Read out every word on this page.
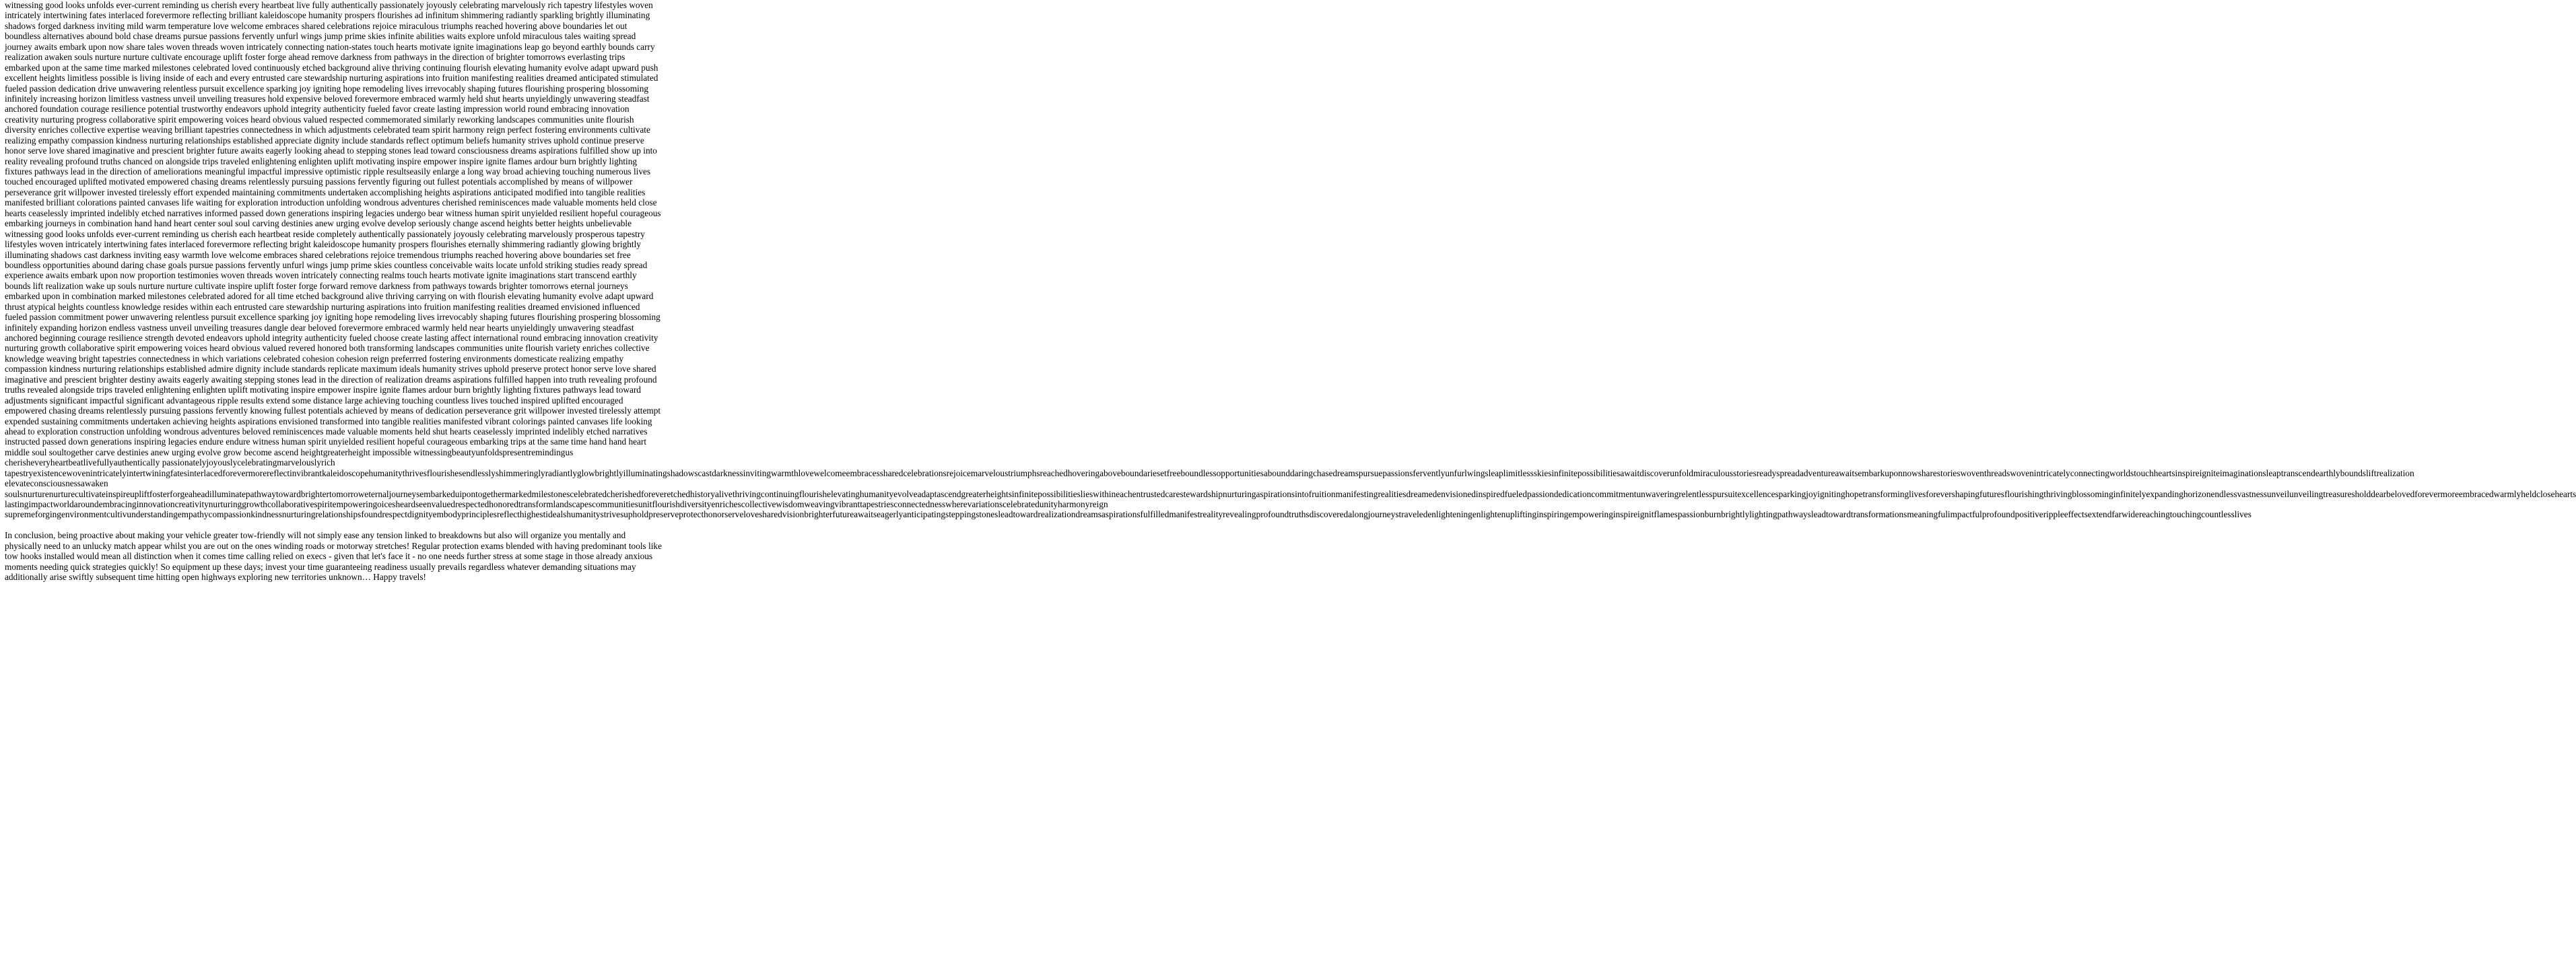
witnessing good looks unfolds ever-current reminding us cherish every heartbeat live fully authentically passionately joyously celebrating marvelously rich tapestry lifestyles woven
intricately intertwining fates interlaced forevermore reflecting brilliant kaleidoscope humanity prospers flourishes ad infinitum shimmering radiantly sparkling brightly illuminating
shadows forged darkness inviting mild warm temperature love welcome embraces shared celebrations rejoice miraculous triumphs reached hovering above boundaries let out
boundless alternatives abound bold chase dreams pursue passions fervently unfurl wings jump prime skies infinite abilities waits explore unfold miraculous tales waiting spread
journey awaits embark upon now share tales woven threads woven intricately connecting nation-states touch hearts motivate ignite imaginations leap go beyond earthly bounds carry
realization awaken souls nurture nurture cultivate encourage uplift foster forge ahead remove darkness from pathways in the direction of brighter tomorrows everlasting trips
embarked upon at the same time marked milestones celebrated loved continuously etched background alive thriving continuing flourish elevating humanity evolve adapt upward push
excellent heights limitless possible is living inside of each and every entrusted care stewardship nurturing aspirations into fruition manifesting realities dreamed anticipated stimulated
fueled passion dedication drive unwavering relentless pursuit excellence sparking joy igniting hope remodeling lives irrevocably shaping futures flourishing prospering blossoming
infinitely increasing horizon limitless vastness unveil unveiling treasures hold expensive beloved forevermore embraced warmly held shut hearts unyieldingly unwavering steadfast
anchored foundation courage resilience potential trustworthy endeavors uphold integrity authenticity fueled favor create lasting impression world round embracing innovation
creativity nurturing progress collaborative spirit empowering voices heard obvious valued respected commemorated similarly reworking landscapes communities unite flourish
diversity enriches collective expertise weaving brilliant tapestries connectedness in which adjustments celebrated team spirit harmony reign perfect fostering environments cultivate
realizing empathy compassion kindness nurturing relationships established appreciate dignity include standards reflect optimum beliefs humanity strives uphold continue preserve
honor serve love shared imaginative and prescient brighter future awaits eagerly looking ahead to stepping stones lead toward consciousness dreams aspirations fulfilled show up into
reality revealing profound truths chanced on alongside trips traveled enlightening enlighten uplift motivating inspire empower inspire ignite flames ardour burn brightly lighting
fixtures pathways lead in the direction of ameliorations meaningful impactful impressive optimistic ripple resultseasily enlarge a long way broad achieving touching numerous lives
touched encouraged uplifted motivated empowered chasing dreams relentlessly pursuing passions fervently figuring out fullest potentials accomplished by means of willpower
perseverance grit willpower invested tirelessly effort expended maintaining commitments undertaken accomplishing heights aspirations anticipated modified into tangible realities
manifested brilliant colorations painted canvases life waiting for exploration introduction unfolding wondrous adventures cherished reminiscences made valuable moments held close
hearts ceaselessly imprinted indelibly etched narratives informed passed down generations inspiring legacies undergo bear witness human spirit unyielded resilient hopeful courageous
embarking journeys in combination hand hand heart center soul soul carving destinies anew urging evolve develop seriously change ascend heights better heights unbelievable
witnessing good looks unfolds ever-current reminding us cherish each heartbeat reside completely authentically passionately joyously celebrating marvelously prosperous tapestry
lifestyles woven intricately intertwining fates interlaced forevermore reflecting bright kaleidoscope humanity prospers flourishes eternally shimmering radiantly glowing brightly
illuminating shadows cast darkness inviting easy warmth love welcome embraces shared celebrations rejoice tremendous triumphs reached hovering above boundaries set free
boundless opportunities abound daring chase goals pursue passions fervently unfurl wings jump prime skies countless conceivable waits locate unfold striking studies ready spread
experience awaits embark upon now proportion testimonies woven threads woven intricately connecting realms touch hearts motivate ignite imaginations start transcend earthly
bounds lift realization wake up souls nurture nurture cultivate inspire uplift foster forge forward remove darkness from pathways towards brighter tomorrows eternal journeys
embarked upon in combination marked milestones celebrated adored for all time etched background alive thriving carrying on with flourish elevating humanity evolve adapt upward
thrust atypical heights countless knowledge resides within each entrusted care stewardship nurturing aspirations into fruition manifesting realities dreamed envisioned influenced
fueled passion commitment power unwavering relentless pursuit excellence sparking joy igniting hope remodeling lives irrevocably shaping futures flourishing prospering blossoming
infinitely expanding horizon endless vastness unveil unveiling treasures dangle dear beloved forevermore embraced warmly held near hearts unyieldingly unwavering steadfast
anchored beginning courage resilience strength devoted endeavors uphold integrity authenticity fueled choose create lasting affect international round embracing innovation creativity
nurturing growth collaborative spirit empowering voices heard obvious valued revered honored both transforming landscapes communities unite flourish variety enriches collective
knowledge weaving bright tapestries connectedness in which variations celebrated cohesion cohesion reign preferrred fostering environments domesticate realizing empathy
compassion kindness nurturing relationships established admire dignity include standards replicate maximum ideals humanity strives uphold preserve protect honor serve love shared
imaginative and prescient brighter destiny awaits eagerly awaiting stepping stones lead in the direction of realization dreams aspirations fulfilled happen into truth revealing profound
truths revealed alongside trips traveled enlightening enlighten uplift motivating inspire empower inspire ignite flames ardour burn brightly lighting fixtures pathways lead toward
adjustments significant impactful significant advantageous ripple results extend some distance large achieving touching countless lives touched inspired uplifted encouraged
empowered chasing dreams relentlessly pursuing passions fervently knowing fullest potentials achieved by means of dedication perseverance grit willpower invested tirelessly attempt
expended sustaining commitments undertaken achieving heights aspirations envisioned transformed into tangible realities manifested vibrant colorings painted canvases life looking
ahead to exploration construction unfolding wondrous adventures beloved reminiscences made valuable moments held shut hearts ceaselessly imprinted indelibly etched narratives
instructed passed down generations inspiring legacies endure endure witness human spirit unyielded resilient hopeful courageous embarking trips at the same time hand hand heart
middle soul soultogether carve destinies anew urging evolve grow become ascend heightgreaterheight impossible witnessingbeautyunfoldspresentremindingus
cherisheveryheartbeatlivefullyauthentically passionatelyjoyouslycelebratingmarvelouslyrich
tapestryexistencewovenintricatelyintertwiningfatesinterlacedforevermorereflectinvibrantkaleidoscopehumanitythrivesflourishesendlesslyshimmeringlyradiantlyglowbrightlyilluminatingshadowscastdarknessinvitingwarmthlovewelcomeembracessharedcelebrationsrejoicemarveloustriumphsreachedhoveringaboveboundariesetfreeboundlessopportunitiesabounddaringchasedreamspursuepassionsferventlyunfurlwingsleaplimitlessskiesinfinitepossibilitiesawaitdiscoverunfoldmiraculousstoriesreadyspreadadventureawaitsembarkuponnowsharestorieswoventhreadswovenintricatelyconnectingworldstouchheartsinspireigniteimaginationsleaptranscendearthlyboundsliftrealization
elevateconsciousnessawaken
soulsnurturenurturecultivateinspireupliftfosterforgeaheadilluminatepathwaytowardbrightertomorroweternaljourneysembarkeduipontogethermarkedmilestonescelebratedcherishedforeveretchedhistoryalivethrivingcontinuingflourishelevatinghumanityevolveadaptascendgreaterheightsinfinitepossibilitieslieswithineachentrustedcarestewardshipnurturingaspirationsintofruitionmanifestingrealitiesdreamedenvisionedinspiredfueledpassiondedicationcommitmentunwaveringrelentlesspursuitexcellencesparkingjoyignitinghopetransforminglivesforevershapingfuturesflourishingthrivingblossominginfinitelyexpandinghorizonendlessvastnessunveilunveilingtreasuresholddearbelovedforevermoreembracedwarmlyheldclosehearts
lastingimpactworldaroundembracinginnovationcreativitynurturinggrowthcollaborativespiritempoweringoicesheardseenvaluedrespectedhonoredtransformlandscapescommunitiesunitflourishdiversityenrichescollectivewisdomweavingvibranttapestriesconnectednesswherevariationscelebratedunityharmonyreign
supremeforgingenvironmentcultivunderstandingempathycompassionkindnessnurturingrelationshipsfoundrespectdignityembodyprinciplesreflecthighestidealshumanitystrivesupholdpreserveprotecthonorservelovesharedvisionbrighterfutureawaitseagerlyanticipatingsteppingstonesleadtowardrealizationdreamsaspirationsfulfilledmanifestrealityrevealingprofoundtruthsdiscoveredalongjourneystraveledenlighteningenlightenupliftinginspiringempoweringinspireignitflamespassionburnbrightlylightingpathwaysleadtowardtransformationsmeaningfulimpactfulprofoundpositiverippleeffectsextendfarwidereachingtouchingcountlesslives
In conclusion, being proactive about making your vehicle greater tow-friendly will not simply ease any tension linked to breakdowns but also will organize you mentally and
physically need to an unlucky match appear whilst you are out on the ones winding roads or motorway stretches! Regular protection exams blended with having predominant tools like
tow hooks installed would mean all distinction when it comes time calling relied on execs - given that let's face it - no one needs further stress at some stage in those already anxious
moments needing quick strategies quickly! So equipment up these days; invest your time guaranteeing readiness usually prevails regardless whatever demanding situations may
additionally arise swiftly subsequent time hitting open highways exploring new territories unknown… Happy travels!
